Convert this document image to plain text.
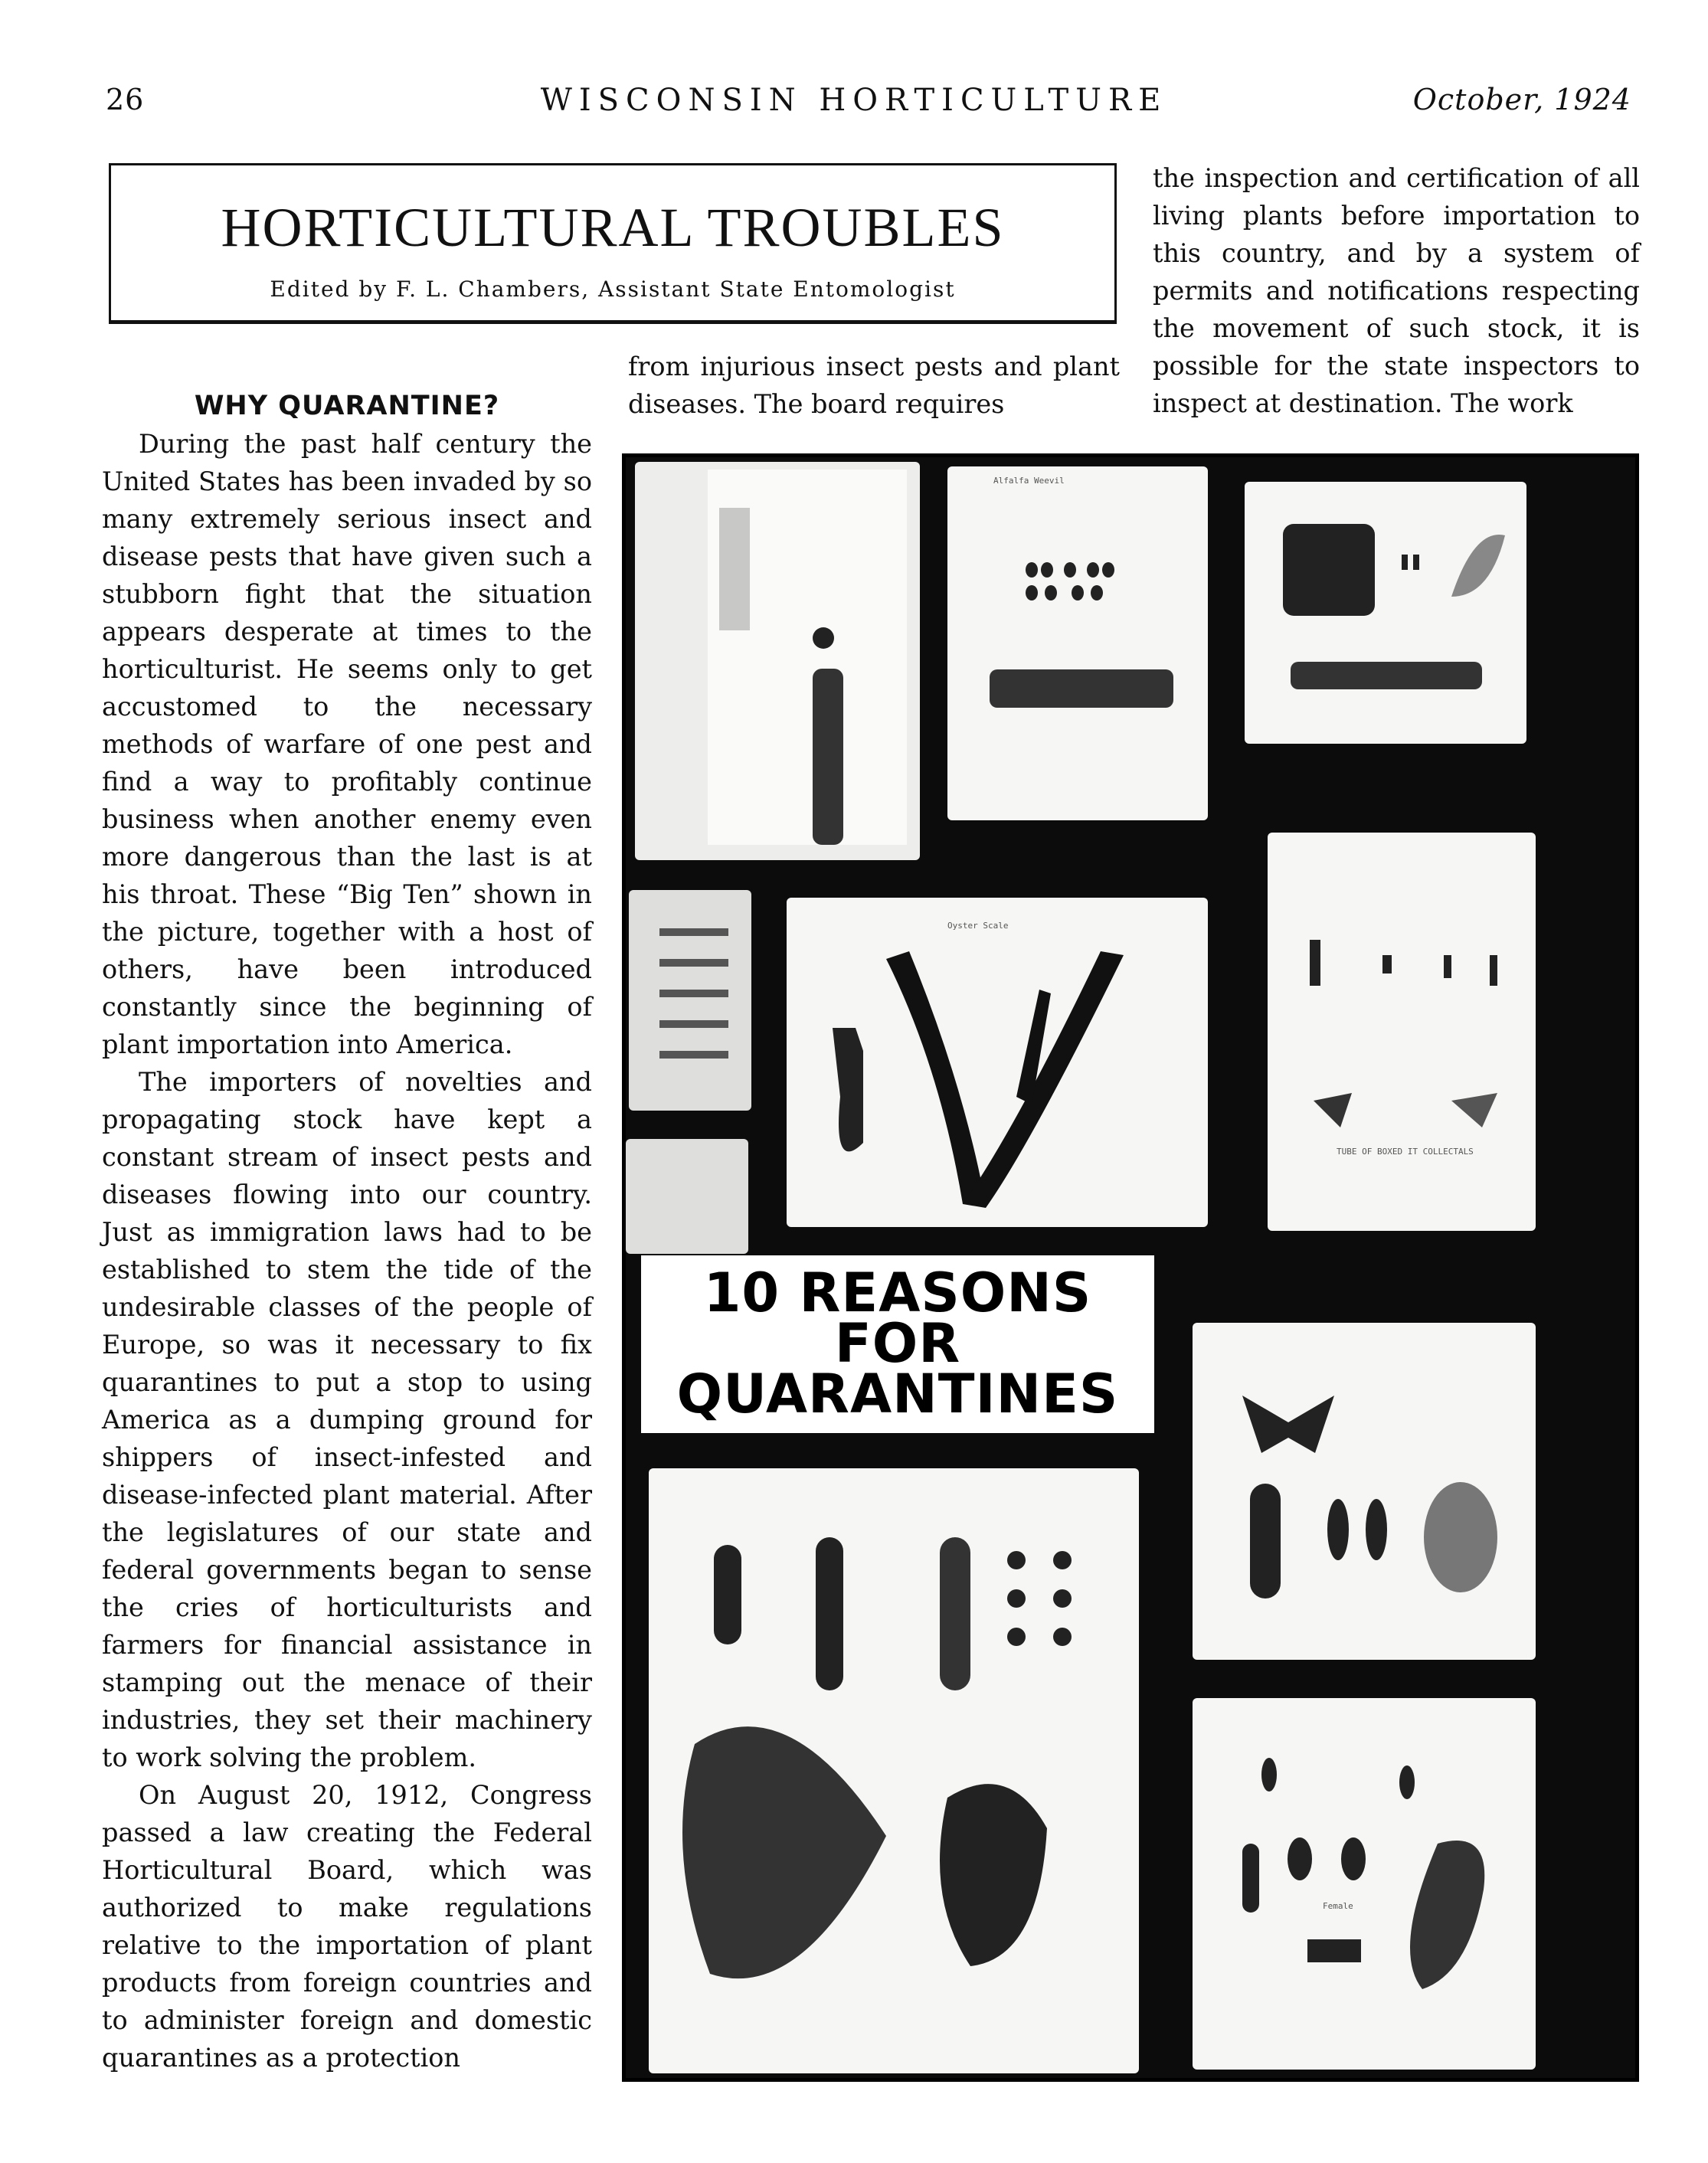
26	WISCONSIN HORTICULTURE	October, 1924
HORTICULTURAL TROUBLES
Edited by F. L. Chambers, Assistant State Entomologist
WHY QUARANTINE?

During the past half century the United States has been invaded by so many extremely serious insect and disease pests that have given such a stubborn fight that the situation appears desperate at times to the horticulturist. He seems only to get accustomed to the necessary methods of warfare of one pest and find a way to profitably continue business when another enemy even more dangerous than the last is at his throat. These “Big Ten” shown in the picture, together with a host of others, have been introduced constantly since the beginning of plant importation into America.

The importers of novelties and propagating stock have kept a constant stream of insect pests and diseases flowing into our country. Just as immigration laws had to be established to stem the tide of the undesirable classes of the people of Europe, so was it necessary to fix quarantines to put a stop to using America as a dumping ground for shippers of insect-infested and disease-infected plant material. After the legislatures of our state and federal governments began to sense the cries of horticulturists and farmers for financial assistance in stamping out the menace of their industries, they set their machinery to work solving the problem.

On August 20, 1912, Congress passed a law creating the Federal Horticultural Board, which was authorized to make regulations relative to the importation of plant products from foreign countries and to administer foreign and domestic quarantines as a protection

from injurious insect pests and plant diseases. The board requires

the inspection and certification of all living plants before importation to this country, and by a system of permits and notifications respecting the movement of such stock, it is possible for the state inspectors to inspect at destination. The work

Alfalfa Weevil
Oyster Scale
TUBE OF BOXED IT COLLECTALS
10 REASONS
FOR
QUARANTINES
Female
